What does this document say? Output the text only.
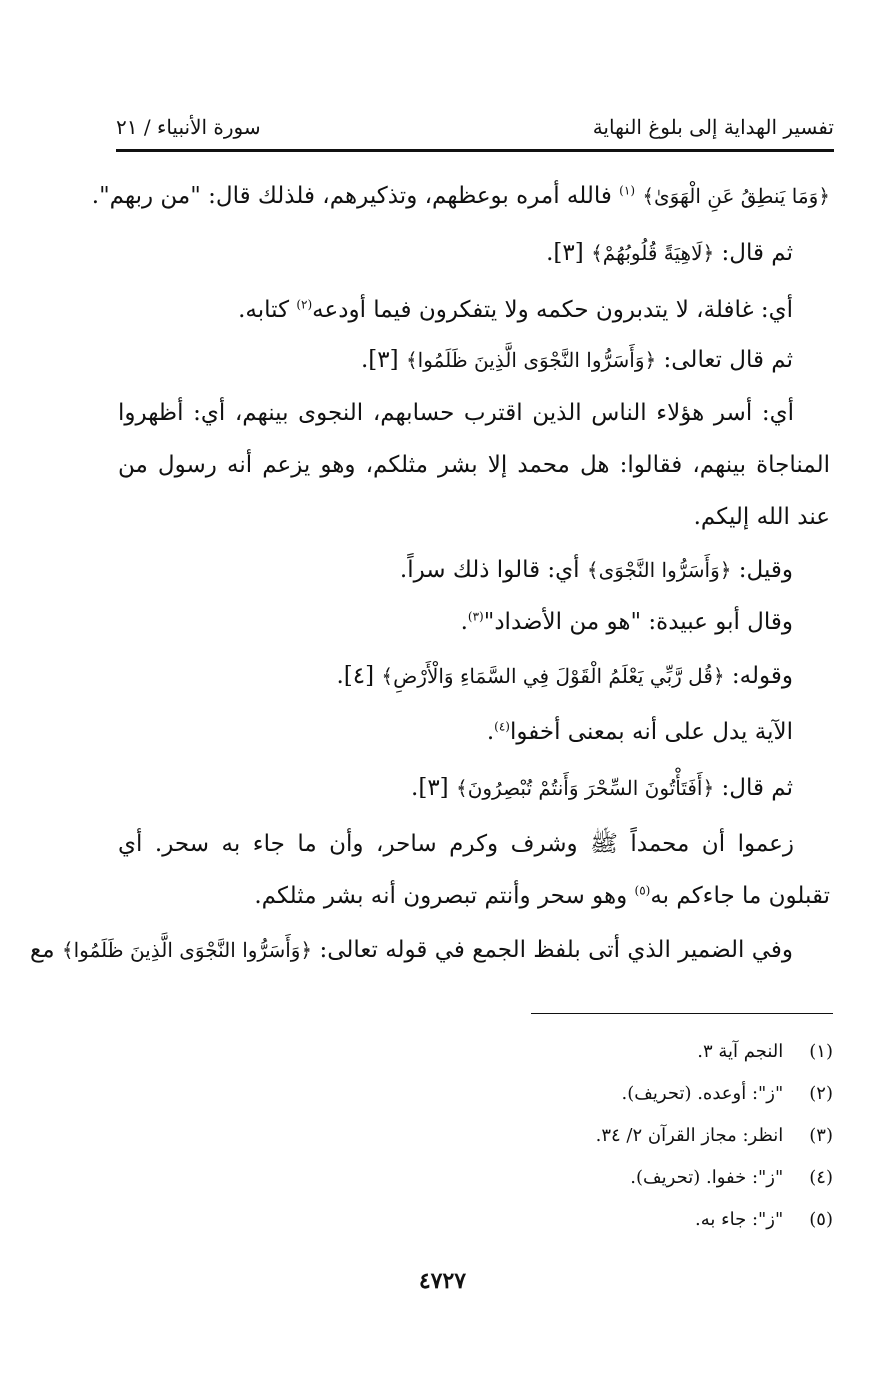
تفسير الهداية إلى بلوغ النهاية
سورة الأنبياء / ٢١
﴿وَمَا يَنطِقُ عَنِ الْهَوَىٰ﴾ $^{(١)}$ فالله أمره بوعظهم، وتذكيرهم، فلذلك قال: "من ربهم".
ثم قال: ﴿لَاهِيَةً قُلُوبُهُمْ﴾ [٣].
أي: غافلة، لا يتدبرون حكمه ولا يتفكرون فيما أودعه$^{(٢)}$ كتابه.
ثم قال تعالى: ﴿وَأَسَرُّوا النَّجْوَى الَّذِينَ ظَلَمُوا﴾ [٣].
أي: أسر هؤلاء الناس الذين اقترب حسابهم، النجوى بينهم، أي: أظهروا المناجاة بينهم، فقالوا: هل محمد إلا بشر مثلكم، وهو يزعم أنه رسول من عند الله إليكم.
وقيل: ﴿وَأَسَرُّوا النَّجْوَى﴾ أي: قالوا ذلك سراً.
وقال أبو عبيدة: "هو من الأضداد"$^{(٣)}$.
وقوله: ﴿قُل رَّبِّي يَعْلَمُ الْقَوْلَ فِي السَّمَاءِ وَالْأَرْضِ﴾ [٤].
الآية يدل على أنه بمعنى أخفوا$^{(٤)}$.
ثم قال: ﴿أَفَتَأْتُونَ السِّحْرَ وَأَنتُمْ تُبْصِرُونَ﴾ [٣].
زعموا أن محمداً ﷺ وشرف وكرم ساحر، وأن ما جاء به سحر. أي تقبلون ما جاءكم به$^{(٥)}$ وهو سحر وأنتم تبصرون أنه بشر مثلكم.
وفي الضمير الذي أتى بلفظ الجمع في قوله تعالى: ﴿وَأَسَرُّوا النَّجْوَى الَّذِينَ ظَلَمُوا﴾ مع
(١) النجم آية ٣.
(٢) "ز": أوعده. (تحريف).
(٣) انظر: مجاز القرآن ٢/ ٣٤.
(٤) "ز": خفوا. (تحريف).
(٥) "ز": جاء به.
٤٧٢٧
